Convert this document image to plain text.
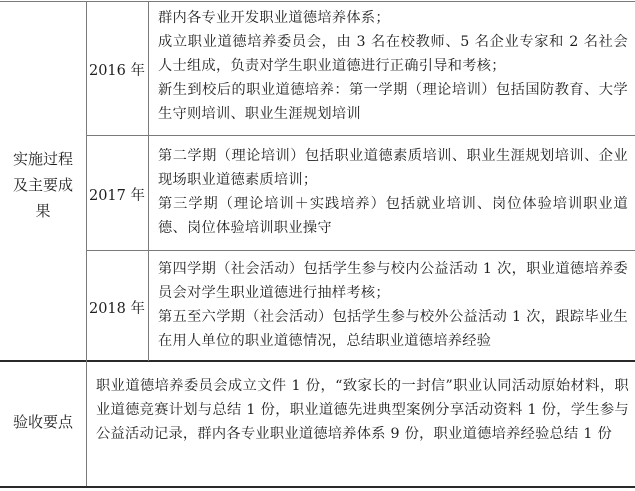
实施过程
及主要成
果
2016 年
群内各专业开发职业道德培养体系；
成立职业道德培养委员会，由 3 名在校教师、5 名企业专家和 2 名社会人士组成，负责对学生职业道德进行正确引导和考核；
新生到校后的职业道德培养：第一学期（理论培训）包括国防教育、大学生守则培训、职业生涯规划培训
2017 年
第二学期（理论培训）包括职业道德素质培训、职业生涯规划培训、企业现场职业道德素质培训；
第三学期（理论培训＋实践培养）包括就业培训、岗位体验培训职业道德、岗位体验培训职业操守
2018 年
第四学期（社会活动）包括学生参与校内公益活动 1 次，职业道德培养委员会对学生职业道德进行抽样考核；
第五至六学期（社会活动）包括学生参与校外公益活动 1 次，跟踪毕业生在用人单位的职业道德情况，总结职业道德培养经验
验收要点
职业道德培养委员会成立文件 1 份，“致家长的一封信”职业认同活动原始材料，职业道德竞赛计划与总结 1 份，职业道德先进典型案例分享活动资料 1 份，学生参与公益活动记录，群内各专业职业道德培养体系 9 份，职业道德培养经验总结 1 份
